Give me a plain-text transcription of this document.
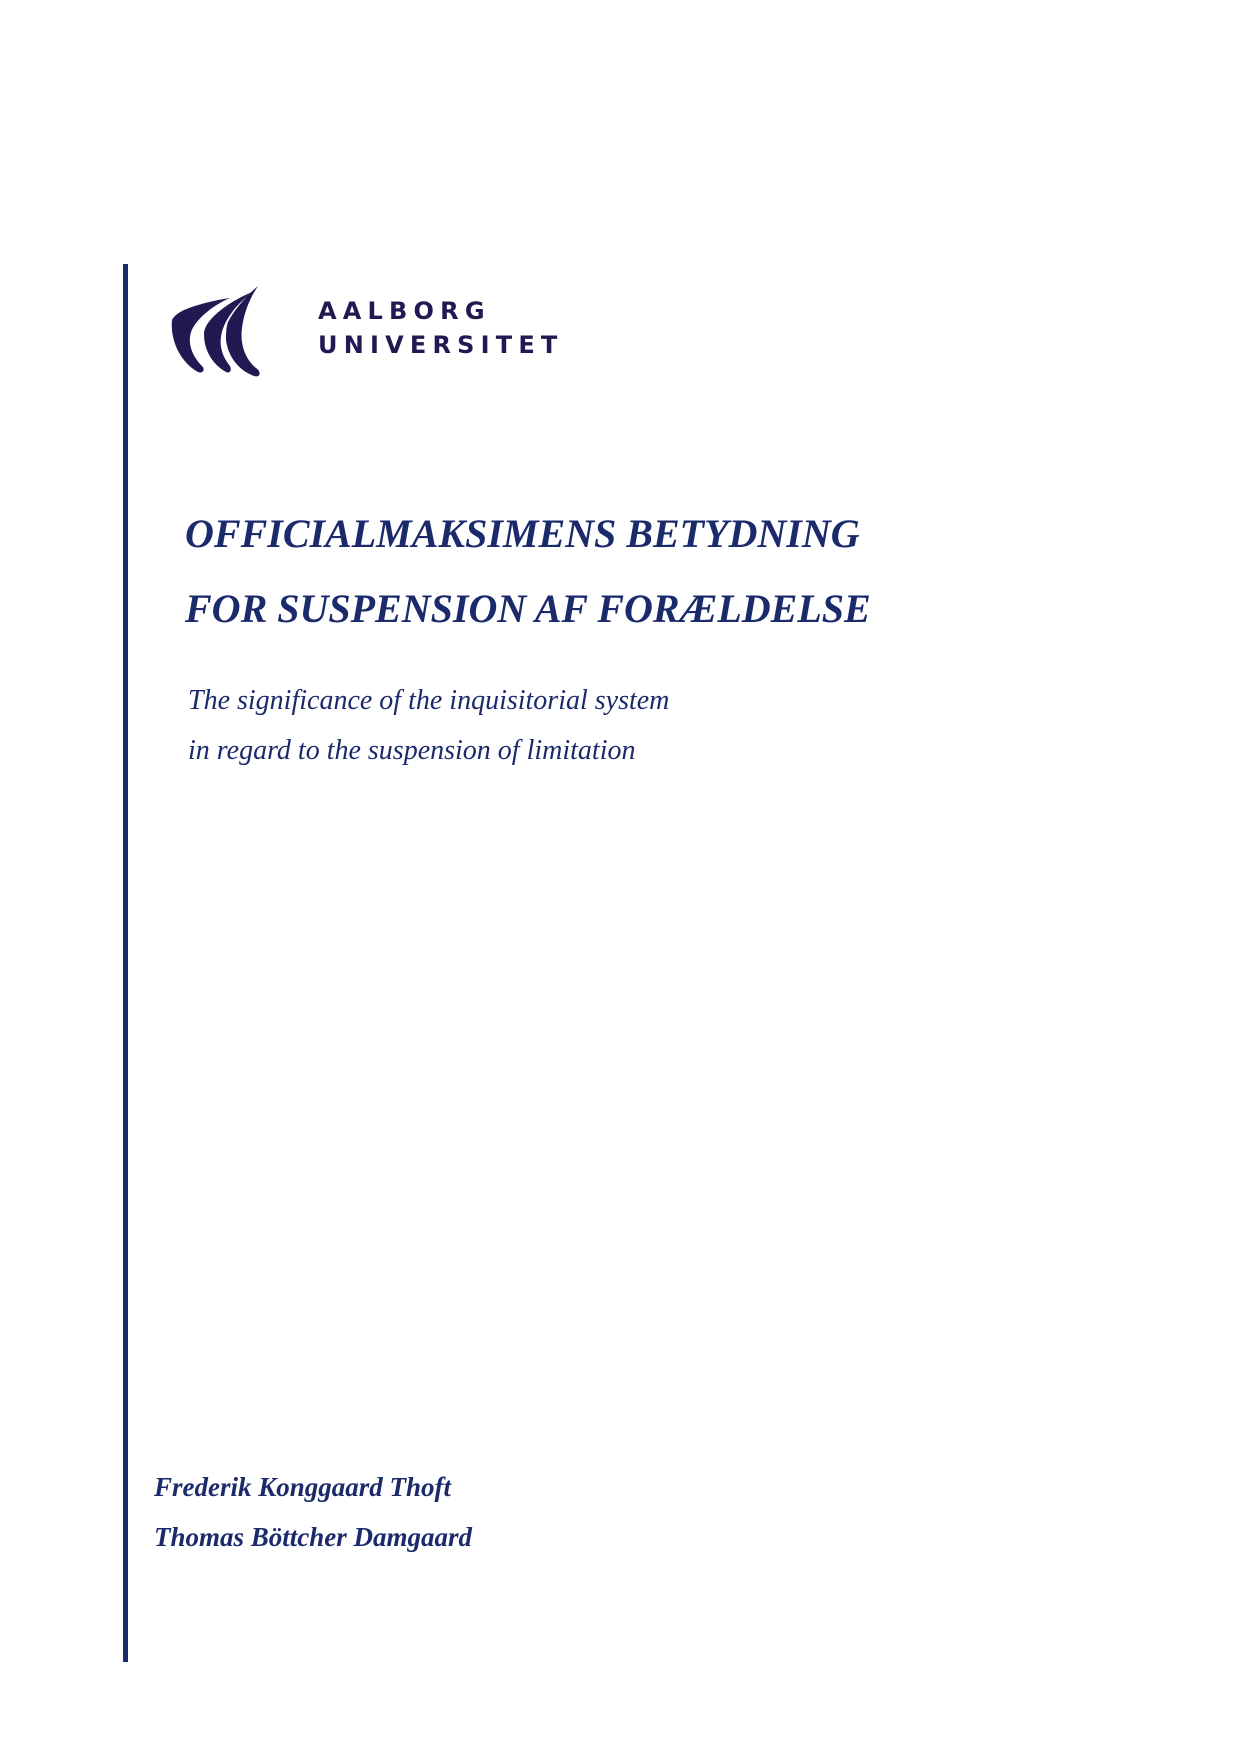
AALBORG
UNIVERSITET
OFFICIALMAKSIMENS BETYDNING
FOR SUSPENSION AF FORÆLDELSE
The significance of the inquisitorial system
in regard to the suspension of limitation
Frederik Konggaard Thoft
Thomas Böttcher Damgaard
